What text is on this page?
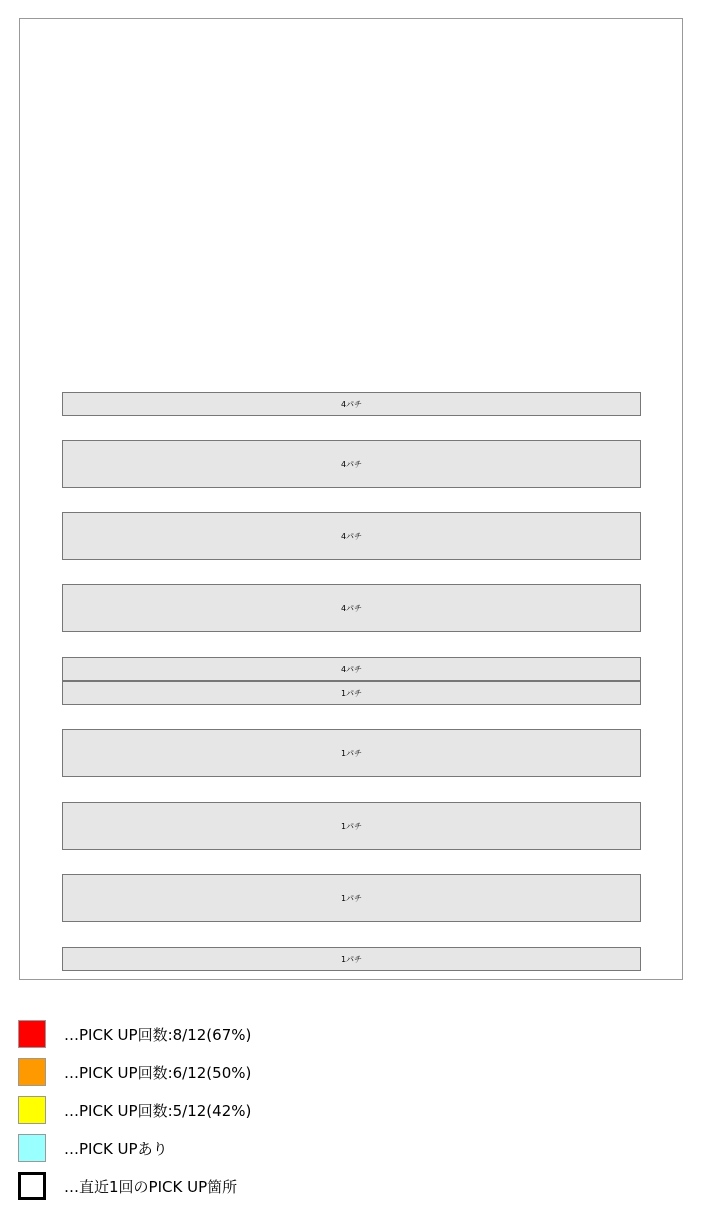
4パチ
4パチ
4パチ
4パチ
4パチ
1パチ
1パチ
1パチ
1パチ
1パチ
…PICK UP回数:8/12(67%)
…PICK UP回数:6/12(50%)
…PICK UP回数:5/12(42%)
…PICK UPあり
…直近1回のPICK UP箇所
